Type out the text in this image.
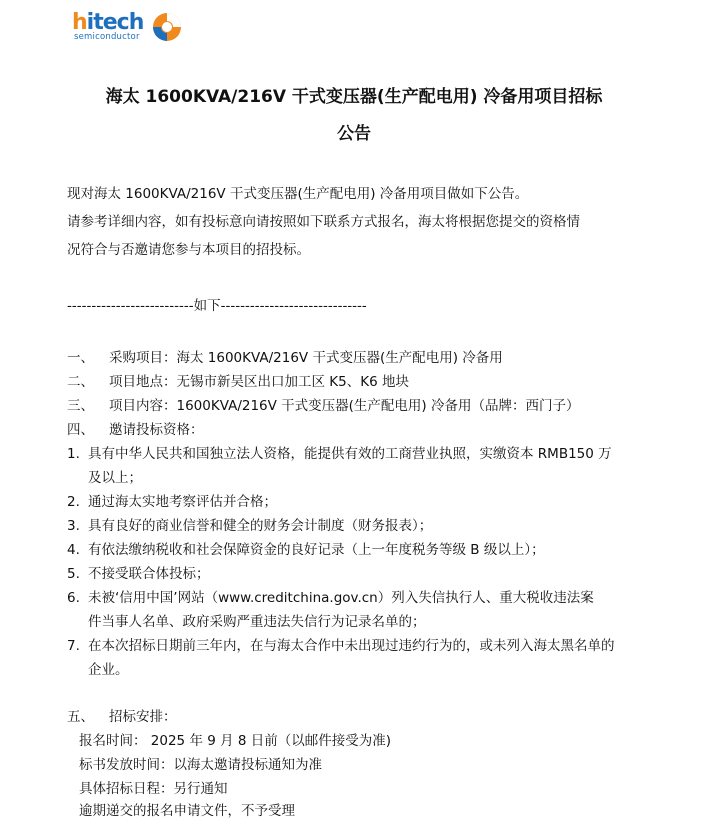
hitech
semiconductor
海太 1600KVA/216V 干式变压器(生产配电用) 冷备用项目招标
公告
现对海太 1600KVA/216V 干式变压器(生产配电用) 冷备用项目做如下公告。
请参考详细内容，如有投标意向请按照如下联系方式报名，海太将根据您提交的资格情
况符合与否邀请您参与本项目的招投标。
--------------------------如下------------------------------
一、 采购项目：海太 1600KVA/216V 干式变压器(生产配电用) 冷备用
二、 项目地点：无锡市新吴区出口加工区 K5、K6 地块
三、 项目内容：1600KVA/216V 干式变压器(生产配电用) 冷备用（品牌：西门子）
四、 邀请投标资格：
1. 具有中华人民共和国独立法人资格，能提供有效的工商营业执照，实缴资本 RMB150 万
及以上；
2. 通过海太实地考察评估并合格；
3. 具有良好的商业信誉和健全的财务会计制度（财务报表）；
4. 有依法缴纳税收和社会保障资金的良好记录（上一年度税务等级 B 级以上）；
5. 不接受联合体投标；
6. 未被‘信用中国’网站（www.creditchina.gov.cn）列入失信执行人、重大税收违法案
件当事人名单、政府采购严重违法失信行为记录名单的；
7. 在本次招标日期前三年内，在与海太合作中未出现过违约行为的，或未列入海太黑名单的
企业。
五、 招标安排：
报名时间： 2025 年 9 月 8 日前（以邮件接受为准)
标书发放时间：以海太邀请投标通知为准
具体招标日程：另行通知
逾期递交的报名申请文件，不予受理
